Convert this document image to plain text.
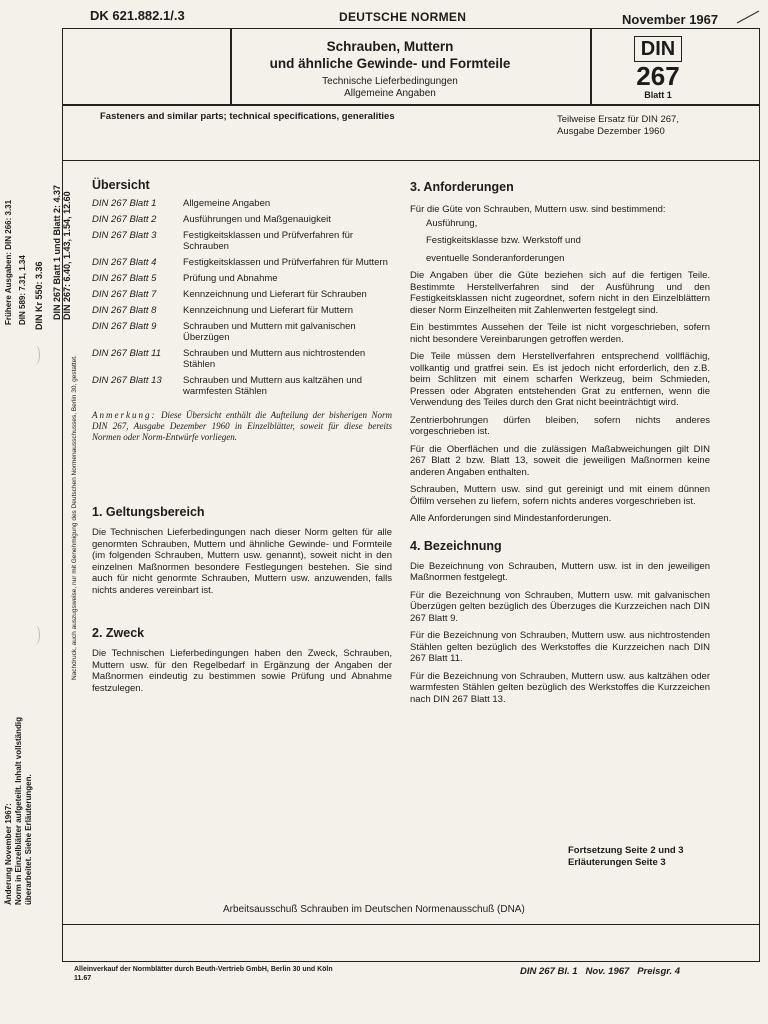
DK 621.882.1/.3	DEUTSCHE NORMEN	November 1967
Schrauben, Muttern
und ähnliche Gewinde- und Formteile
Technische Lieferbedingungen
Allgemeine Angaben
DIN
267
Blatt 1
Fasteners and similar parts; technical specifications, generalities	Teilweise Ersatz für DIN 267,
Ausgabe Dezember 1960
Frühere Ausgaben: DIN 266: 3.31
DIN 589: 7.31, 1.34 DIN Kr 550: 3.36 DIN 267 Blatt 1 und Blatt 2: 4.37 DIN 267: 6.40, 1.43, 1.54, 12.60
Nachdruck, auch auszugsweise, nur mit Genehmigung des Deutschen Normenausschusses, Berlin 30, gestattet.
Änderung November 1967: Norm in Einzelblätter aufgeteilt. Inhalt vollständig überarbeitet. Siehe Erläuterungen.
Übersicht
DIN 267 Blatt 1	Allgemeine Angaben
DIN 267 Blatt 2	Ausführungen und Maßgenauigkeit
DIN 267 Blatt 3	Festigkeitsklassen und Prüfverfahren für Schrauben
DIN 267 Blatt 4	Festigkeitsklassen und Prüfverfahren für Muttern
DIN 267 Blatt 5	Prüfung und Abnahme
DIN 267 Blatt 7	Kennzeichnung und Lieferart für Schrauben
DIN 267 Blatt 8	Kennzeichnung und Lieferart für Muttern
DIN 267 Blatt 9	Schrauben und Muttern mit galvanischen Überzügen
DIN 267 Blatt 11	Schrauben und Muttern aus nichtrostenden Stählen
DIN 267 Blatt 13	Schrauben und Muttern aus kaltzähen und warmfesten Stählen
Anmerkung: Diese Übersicht enthält die Aufteilung der bisherigen Norm DIN 267, Ausgabe Dezember 1960 in Einzelblätter, soweit für diese bereits Normen oder Norm-Entwürfe vorliegen.
1. Geltungsbereich
Die Technischen Lieferbedingungen nach dieser Norm gelten für alle genormten Schrauben, Muttern und ähnliche Gewinde- und Formteile (im folgenden Schrauben, Muttern usw. genannt), soweit nicht in den einzelnen Maßnormen besondere Festlegungen bestehen. Sie sind auch für nicht genormte Schrauben, Muttern usw. anzuwenden, falls nichts anderes vereinbart ist.
2. Zweck
Die Technischen Lieferbedingungen haben den Zweck, Schrauben, Muttern usw. für den Regelbedarf in Ergänzung der Angaben der Maßnormen eindeutig zu bestimmen sowie Prüfung und Abnahme festzulegen.
3. Anforderungen
Für die Güte von Schrauben, Muttern usw. sind bestimmend:
Ausführung,
Festigkeitsklasse bzw. Werkstoff und
eventuelle Sonderanforderungen
Die Angaben über die Güte beziehen sich auf die fertigen Teile. Bestimmte Herstellverfahren sind der Ausführung und den Festigkeitsklassen nicht zugeordnet, sofern nicht in den Einzelblättern dieser Norm Einzelheiten mit Zahlenwerten festgelegt sind.
Ein bestimmtes Aussehen der Teile ist nicht vorgeschrieben, sofern nicht besondere Vereinbarungen getroffen werden.
Die Teile müssen dem Herstellverfahren entsprechend vollflächig, vollkantig und gratfrei sein. Es ist jedoch nicht erforderlich, den z.B. beim Schlitzen mit einem scharfen Werkzeug, beim Schmieden, Pressen oder Abgraten entstehenden Grat zu entfernen, wenn die Verwendung des Teiles durch den Grat nicht beeinträchtigt wird.
Zentrierbohrungen dürfen bleiben, sofern nichts anderes vorgeschrieben ist.
Für die Oberflächen und die zulässigen Maßabweichungen gilt DIN 267 Blatt 2 bzw. Blatt 13, soweit die jeweiligen Maßnormen keine anderen Angaben enthalten.
Schrauben, Muttern usw. sind gut gereinigt und mit einem dünnen Ölfilm versehen zu liefern, sofern nichts anderes vorgeschrieben ist.
Alle Anforderungen sind Mindestanforderungen.
4. Bezeichnung
Die Bezeichnung von Schrauben, Muttern usw. ist in den jeweiligen Maßnormen festgelegt.
Für die Bezeichnung von Schrauben, Muttern usw. mit galvanischen Überzügen gelten bezüglich des Überzuges die Kurzzeichen nach DIN 267 Blatt 9.
Für die Bezeichnung von Schrauben, Muttern usw. aus nichtrostenden Stählen gelten bezüglich des Werkstoffes die Kurzzeichen nach DIN 267 Blatt 11.
Für die Bezeichnung von Schrauben, Muttern usw. aus kaltzähen oder warmfesten Stählen gelten bezüglich des Werkstoffes die Kurzzeichen nach DIN 267 Blatt 13.
Fortsetzung Seite 2 und 3
Erläuterungen Seite 3
Arbeitsausschuß Schrauben im Deutschen Normenausschuß (DNA)
Alleinverkauf der Normblätter durch Beuth-Vertrieb GmbH, Berlin 30 und Köln
11.67
DIN 267 Bl. 1   Nov. 1967   Preisgr. 4
